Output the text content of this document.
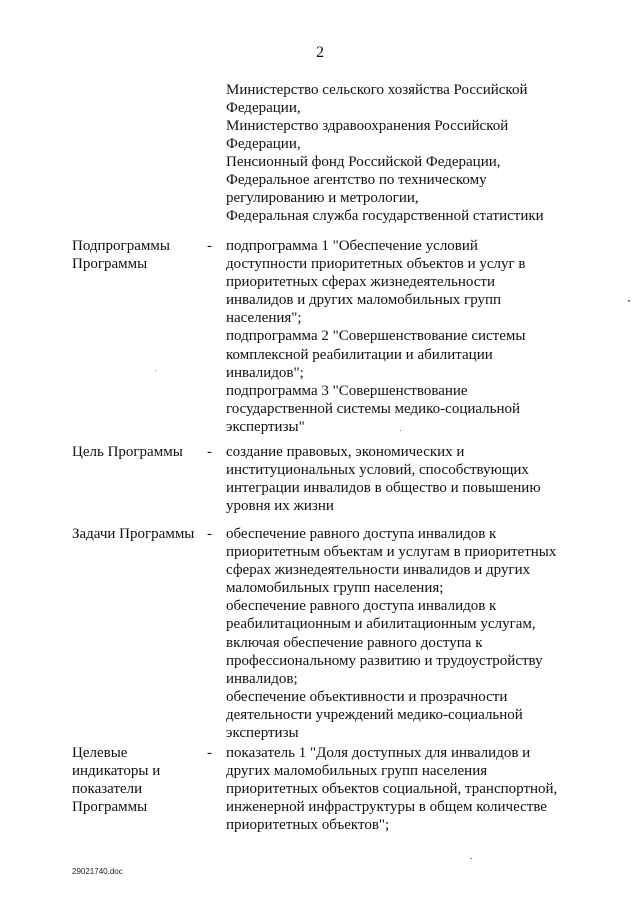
2
Министерство сельского хозяйства Российской
Федерации,
Министерство здравоохранения Российской
Федерации,
Пенсионный фонд Российской Федерации,
Федеральное агентство по техническому
регулированию и метрологии,
Федеральная служба государственной статистики
Подпрограммы
Программы
- подпрограмма 1 "Обеспечение условий
доступности приоритетных объектов и услуг в
приоритетных сферах жизнедеятельности
инвалидов и других маломобильных групп
населения";
подпрограмма 2 "Совершенствование системы
комплексной реабилитации и абилитации
инвалидов";
подпрограмма 3 "Совершенствование
государственной системы медико-социальной
экспертизы"
Цель Программы	- создание правовых, экономических и
институциональных условий, способствующих
интеграции инвалидов в общество и повышению
уровня их жизни
Задачи Программы - обеспечение равного доступа инвалидов к
приоритетным объектам и услугам в приоритетных
сферах жизнедеятельности инвалидов и других
маломобильных групп населения;
обеспечение равного доступа инвалидов к
реабилитационным и абилитационным услугам,
включая обеспечение равного доступа к
профессиональному развитию и трудоустройству
инвалидов;
обеспечение объективности и прозрачности
деятельности учреждений медико-социальной
экспертизы
Целевые
индикаторы и
показатели
Программы
- показатель 1 "Доля доступных для инвалидов и
других маломобильных групп населения
приоритетных объектов социальной, транспортной,
инженерной инфраструктуры в общем количестве
приоритетных объектов";
29021740.doc
